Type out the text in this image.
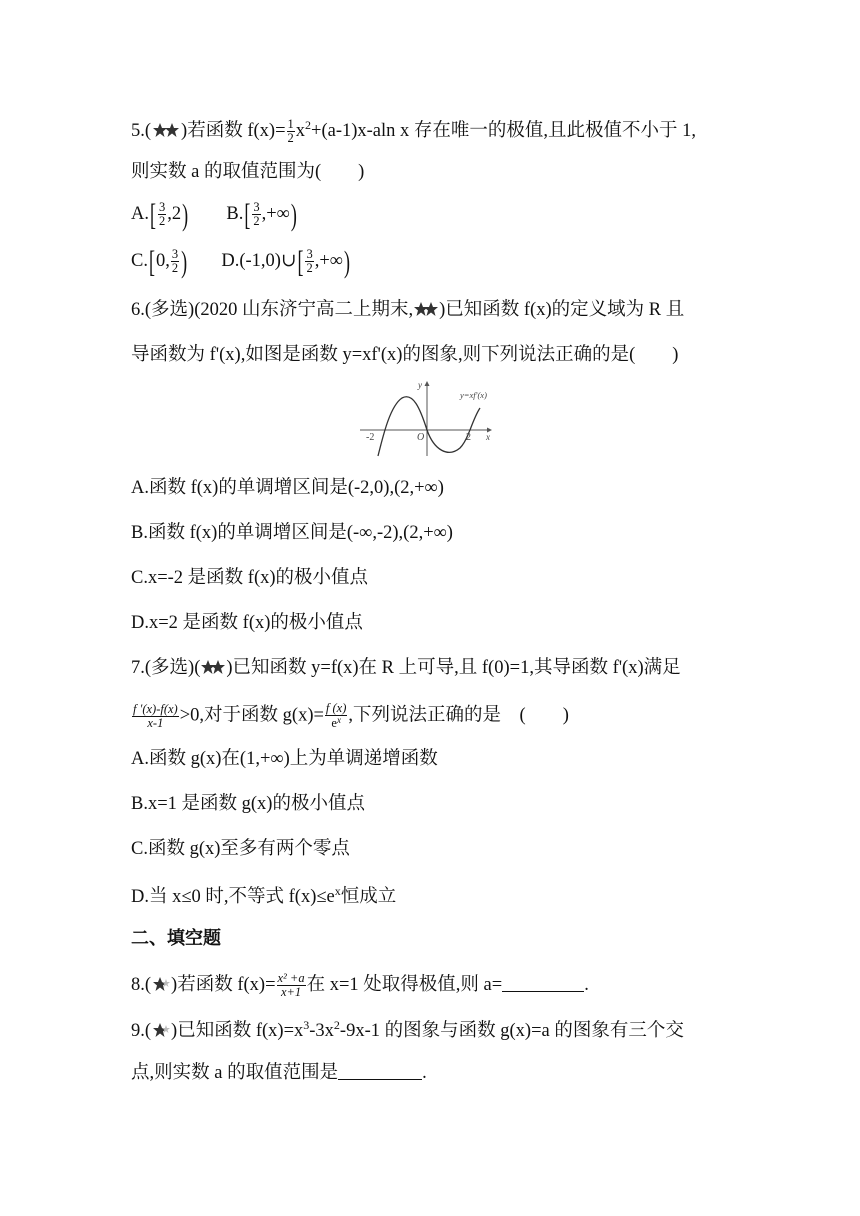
5.( )若函数 $f(x)= \frac{1}{2} x^2+(a-1)x-aln$ x 存在唯一的极值,且此极值不小于 1,
则实数 a 的取值范围为(　　)
$A.[ \frac{3}{2} ,2)$ $B.[ \frac{3}{2}$ ,+∞)
C.[0, $\frac{3}{2}$ ) D.(-1,0)∪[ $\frac{3}{2}$ ,+∞)
6.(多选)(2020 山东济宁高二上期末, )已知函数 f(x)的定义域为 R 且
导函数为 f'(x),如图是函数 y=xf'(x)的图象,则下列说法正确的是(　　)
y
x
O
-2	2
y=xf'(x)
A.函数 f(x)的单调增区间是(-2,0),(2,+∞)
B.函数 f(x)的单调增区间是(-∞,-2),(2,+∞)
C.x=-2 是函数 f(x)的极小值点
D.x=2 是函数 f(x)的极小值点
7.(多选)( )已知函数 y=f(x)在 R 上可导,且 f(0)=1,其导函数 f'(x)满足
$\frac{f '(x)-f(x)}{x-1} >0$,对于函数 $g(x)= \frac{f (x)}{e^x}$ ,下列说法正确的是　(　　)
A.函数 g(x)在(1,+∞)上为单调递增函数
B.x=1 是函数 g(x)的极小值点
C.函数 g(x)至多有两个零点
D.当 x≤0 时,不等式 $f(x)\le e^x$恒成立
二、填空题
8.( )若函数 $f(x)= \frac{\text{x² +a}}{x+1}$ 在 x=1 处取得极值,则 a=	.
9.( )已知函数 $f(x)=x^3-3x^2-9x-1$ 的图象与函数 g(x)=a 的图象有三个交
点,则实数 a 的取值范围是	.
